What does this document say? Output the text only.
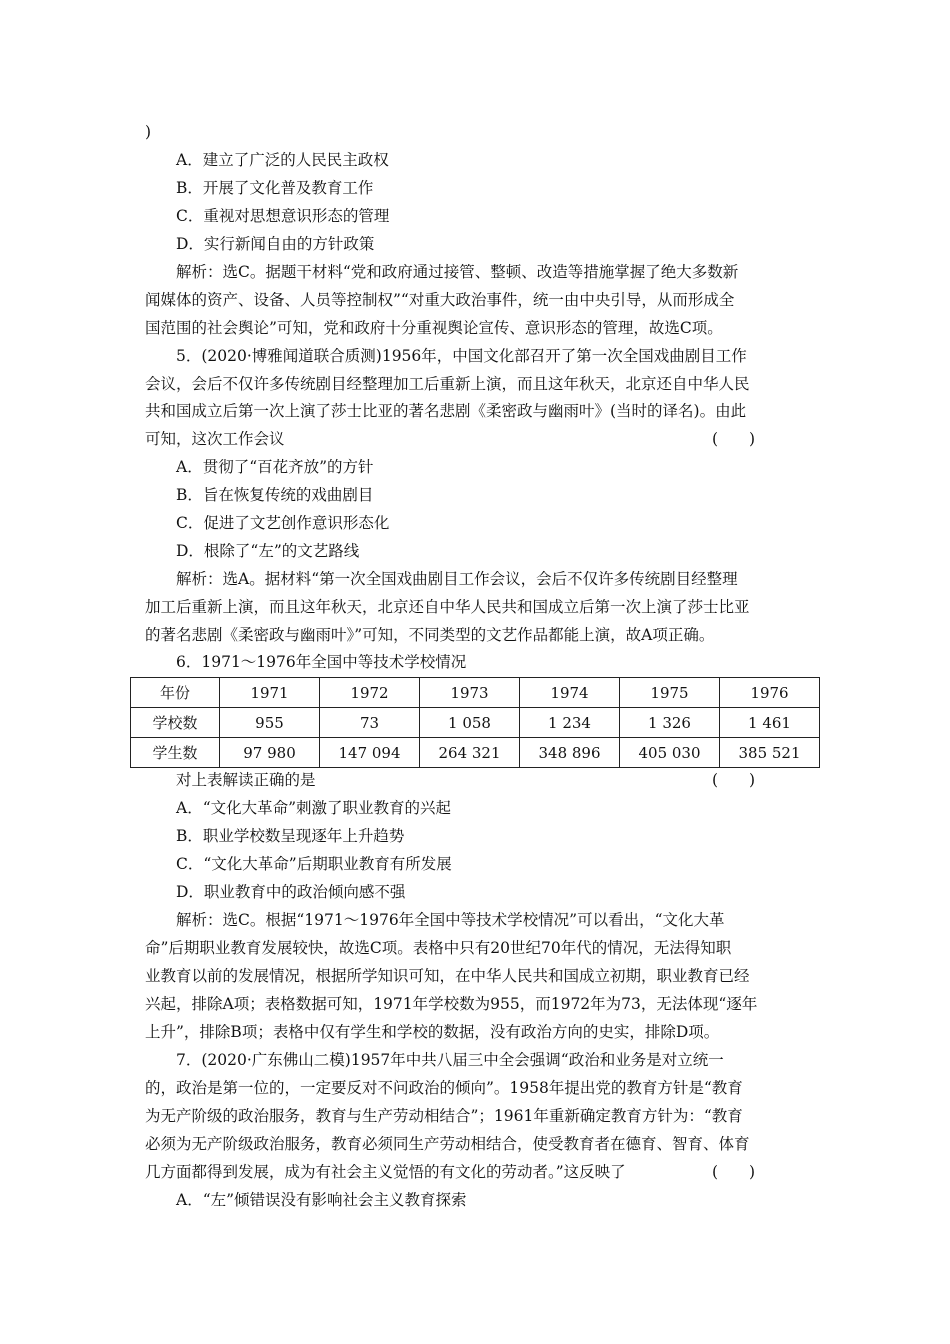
)
A．建立了广泛的人民民主政权
B．开展了文化普及教育工作
C．重视对思想意识形态的管理
D．实行新闻自由的方针政策
解析：选C。据题干材料“党和政府通过接管、整顿、改造等措施掌握了绝大多数新
闻媒体的资产、设备、人员等控制权”“对重大政治事件，统一由中央引导，从而形成全
国范围的社会舆论”可知，党和政府十分重视舆论宣传、意识形态的管理，故选C项。
5．(2020·博雅闻道联合质测)1956年，中国文化部召开了第一次全国戏曲剧目工作
会议，会后不仅许多传统剧目经整理加工后重新上演，而且这年秋天，北京还自中华人民
共和国成立后第一次上演了莎士比亚的著名悲剧《柔密政与幽雨叶》(当时的译名)。由此
可知，这次工作会议	(　　)
A．贯彻了“百花齐放”的方针
B．旨在恢复传统的戏曲剧目
C．促进了文艺创作意识形态化
D．根除了“左”的文艺路线
解析：选A。据材料“第一次全国戏曲剧目工作会议，会后不仅许多传统剧目经整理
加工后重新上演，而且这年秋天，北京还自中华人民共和国成立后第一次上演了莎士比亚
的著名悲剧《柔密政与幽雨叶》”可知，不同类型的文艺作品都能上演，故A项正确。
6．1971～1976年全国中等技术学校情况
年份	1971	1972	1973	1974	1975	1976
学校数	955	73	1 058	1 234	1 326	1 461
学生数	97 980	147 094	264 321	348 896	405 030	385 521
对上表解读正确的是	(　　)
A．“文化大革命”刺激了职业教育的兴起
B．职业学校数呈现逐年上升趋势
C．“文化大革命”后期职业教育有所发展
D．职业教育中的政治倾向感不强
解析：选C。根据“1971～1976年全国中等技术学校情况”可以看出，“文化大革
命”后期职业教育发展较快，故选C项。表格中只有20世纪70年代的情况，无法得知职
业教育以前的发展情况，根据所学知识可知，在中华人民共和国成立初期，职业教育已经
兴起，排除A项；表格数据可知，1971年学校数为955，而1972年为73，无法体现“逐年
上升”，排除B项；表格中仅有学生和学校的数据，没有政治方向的史实，排除D项。
7．(2020·广东佛山二模)1957年中共八届三中全会强调“政治和业务是对立统一
的，政治是第一位的，一定要反对不问政治的倾向”。1958年提出党的教育方针是“教育
为无产阶级的政治服务，教育与生产劳动相结合”；1961年重新确定教育方针为：“教育
必须为无产阶级政治服务，教育必须同生产劳动相结合，使受教育者在德育、智育、体育
几方面都得到发展，成为有社会主义觉悟的有文化的劳动者。”这反映了	(　　)
A．“左”倾错误没有影响社会主义教育探索
